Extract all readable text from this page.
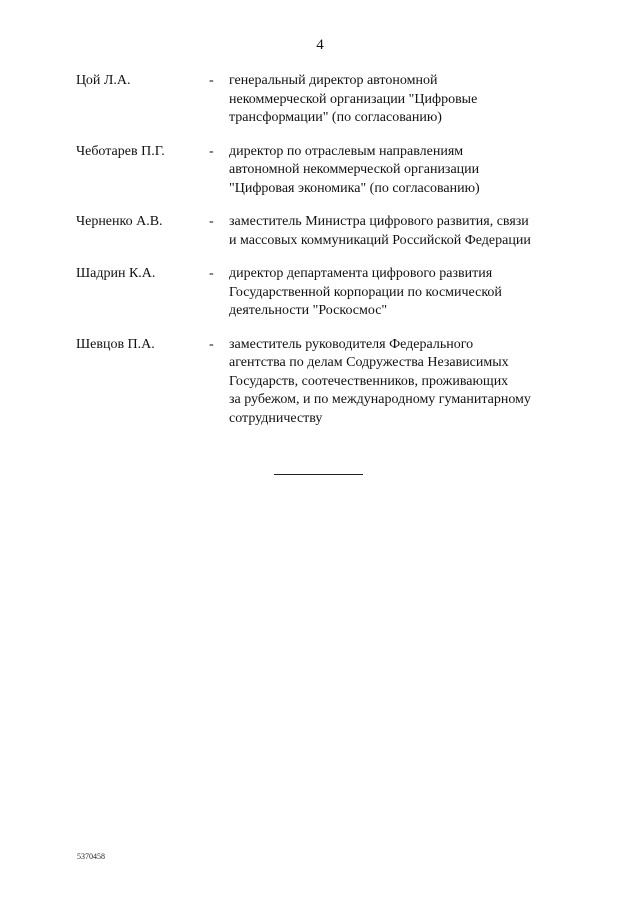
4
Цой Л.А.	- генеральный директор автономной
некоммерческой организации "Цифровые
трансформации" (по согласованию)
Чеботарев П.Г.	- директор по отраслевым направлениям
автономной некоммерческой организации
"Цифровая экономика" (по согласованию)
Черненко А.В.	- заместитель Министра цифрового развития, связи
и массовых коммуникаций Российской Федерации
Шадрин К.А.	- директор департамента цифрового развития
Государственной корпорации по космической
деятельности "Роскосмос"
Шевцов П.А.	- заместитель руководителя Федерального
агентства по делам Содружества Независимых
Государств, соотечественников, проживающих
за рубежом, и по международному гуманитарному
сотрудничеству
5370458
